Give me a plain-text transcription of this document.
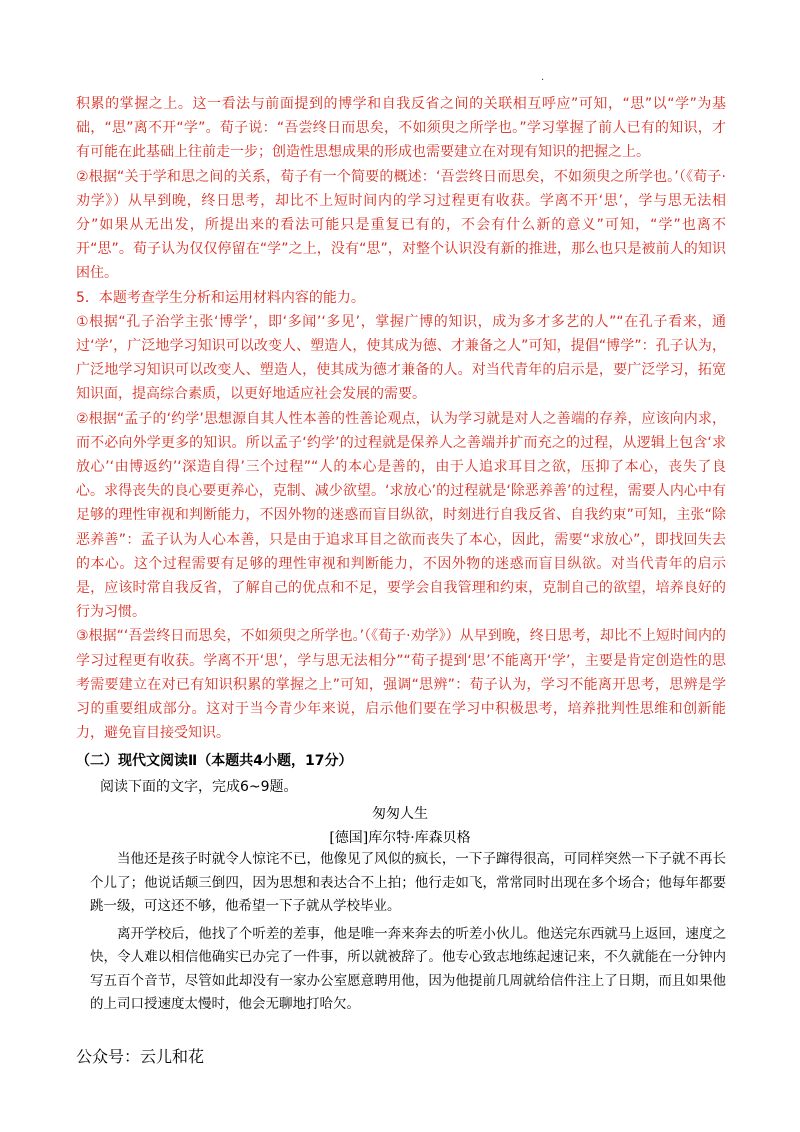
.

积累的掌握之上。这一看法与前面提到的博学和自我反省之间的关联相互呼应”可知，“思”以“学”为基础，“思”离不开“学”。荀子说：“吾尝终日而思矣，不如须臾之所学也。”学习掌握了前人已有的知识，才有可能在此基础上往前走一步；创造性思想成果的形成也需要建立在对现有知识的把握之上。

②根据“关于学和思之间的关系，荀子有一个简要的概述：‘吾尝终日而思矣，不如须臾之所学也。’（《荀子·劝学》）从早到晚，终日思考，却比不上短时间内的学习过程更有收获。学离不开‘思’，学与思无法相分”如果从无出发，所提出来的看法可能只是重复已有的，不会有什么新的意义”可知，“学”也离不开“思”。荀子认为仅仅停留在“学”之上，没有“思”，对整个认识没有新的推进，那么也只是被前人的知识困住。

5．本题考查学生分析和运用材料内容的能力。

①根据“孔子治学主张‘博学’，即‘多闻’‘多见’，掌握广博的知识，成为多才多艺的人”“在孔子看来，通过‘学’，广泛地学习知识可以改变人、塑造人，使其成为德、才兼备之人”可知，提倡“博学”：孔子认为，广泛地学习知识可以改变人、塑造人，使其成为德才兼备的人。对当代青年的启示是，要广泛学习，拓宽知识面，提高综合素质，以更好地适应社会发展的需要。

②根据“孟子的‘约学’思想源自其人性本善的性善论观点，认为学习就是对人之善端的存养，应该向内求，而不必向外学更多的知识。所以孟子‘约学’的过程就是保养人之善端并扩而充之的过程，从逻辑上包含‘求放心’‘由博返约’‘深造自得’三个过程”“人的本心是善的，由于人追求耳目之欲，压抑了本心，丧失了良心。求得丧失的良心要更养心，克制、减少欲望。‘求放心’的过程就是‘除恶养善’的过程，需要人内心中有足够的理性审视和判断能力，不因外物的迷惑而盲目纵欲，时刻进行自我反省、自我约束”可知，主张“除恶养善”：孟子认为人心本善，只是由于追求耳目之欲而丧失了本心，因此，需要“求放心”，即找回失去的本心。这个过程需要有足够的理性审视和判断能力，不因外物的迷惑而盲目纵欲。对当代青年的启示是，应该时常自我反省，了解自己的优点和不足，要学会自我管理和约束，克制自己的欲望，培养良好的行为习惯。

③根据“‘吾尝终日而思矣，不如须臾之所学也。’（《荀子·劝学》）从早到晚，终日思考，却比不上短时间内的学习过程更有收获。学离不开‘思’，学与思无法相分”“荀子提到‘思’不能离开‘学’，主要是肯定创造性的思考需要建立在对已有知识积累的掌握之上”可知，强调“思辨”：荀子认为，学习不能离开思考，思辨是学习的重要组成部分。这对于当今青少年来说，启示他们要在学习中积极思考，培养批判性思维和创新能力，避免盲目接受知识。

（二）现代文阅读Ⅱ（本题共4小题，17分）
阅读下面的文字，完成6~9题。
匆匆人生
[德国]库尔特·库森贝格

当他还是孩子时就令人惊诧不已，他像见了风似的疯长，一下子蹿得很高，可同样突然一下子就不再长个儿了；他说话颠三倒四，因为思想和表达合不上拍；他行走如飞，常常同时出现在多个场合；他每年都要跳一级，可这还不够，他希望一下子就从学校毕业。

离开学校后，他找了个听差的差事，他是唯一奔来奔去的听差小伙儿。他送完东西就马上返回，速度之快，令人难以相信他确实已办完了一件事，所以就被辞了。他专心致志地练起速记来，不久就能在一分钟内写五百个音节，尽管如此却没有一家办公室愿意聘用他，因为他提前几周就给信件注上了日期，而且如果他的上司口授速度太慢时，他会无聊地打哈欠。

公众号：云儿和花
